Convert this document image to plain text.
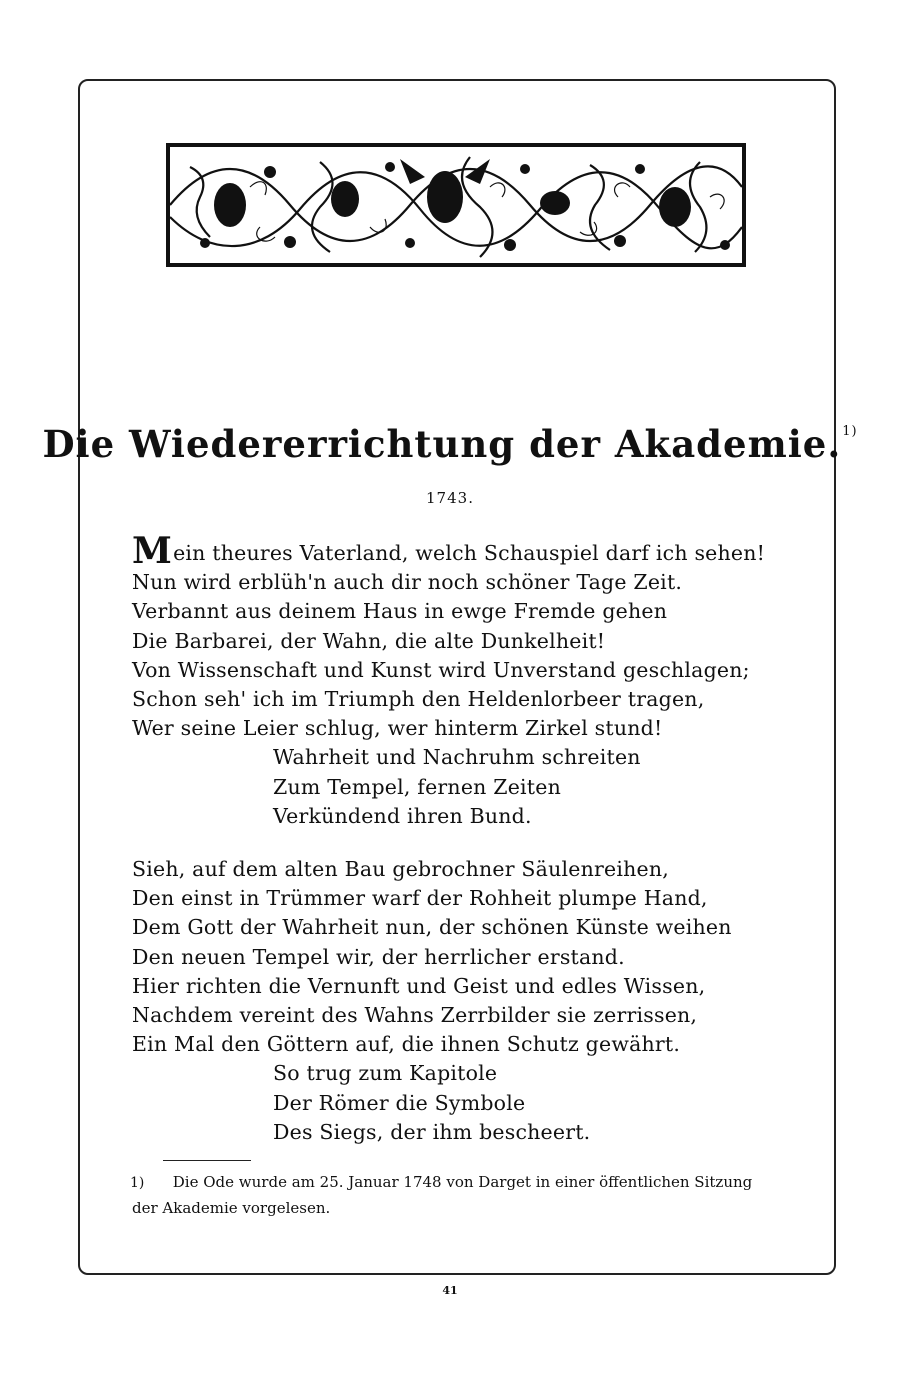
Die Wiedererrichtung der Akademie.$^{1)}$
1743.
Mein theures Vaterland, welch Schauspiel darf ich sehen!
Nun wird erblüh'n auch dir noch schöner Tage Zeit.
Verbannt aus deinem Haus in ewge Fremde gehen
Die Barbarei, der Wahn, die alte Dunkelheit!
Von Wissenschaft und Kunst wird Unverstand geschlagen;
Schon seh' ich im Triumph den Heldenlorbeer tragen,
Wer seine Leier schlug, wer hinterm Zirkel stund!
Wahrheit und Nachruhm schreiten
Zum Tempel, fernen Zeiten
Verkündend ihren Bund.
Sieh, auf dem alten Bau gebrochner Säulenreihen,
Den einst in Trümmer warf der Rohheit plumpe Hand,
Dem Gott der Wahrheit nun, der schönen Künste weihen
Den neuen Tempel wir, der herrlicher erstand.
Hier richten die Vernunft und Geist und edles Wissen,
Nachdem vereint des Wahns Zerrbilder sie zerrissen,
Ein Mal den Göttern auf, die ihnen Schutz gewährt.
So trug zum Kapitole
Der Römer die Symbole
Des Siegs, der ihm bescheert.
1) Die Ode wurde am 25. Januar 1748 von Darget in einer öffentlichen Sitzung der Akademie vorgelesen.
41
